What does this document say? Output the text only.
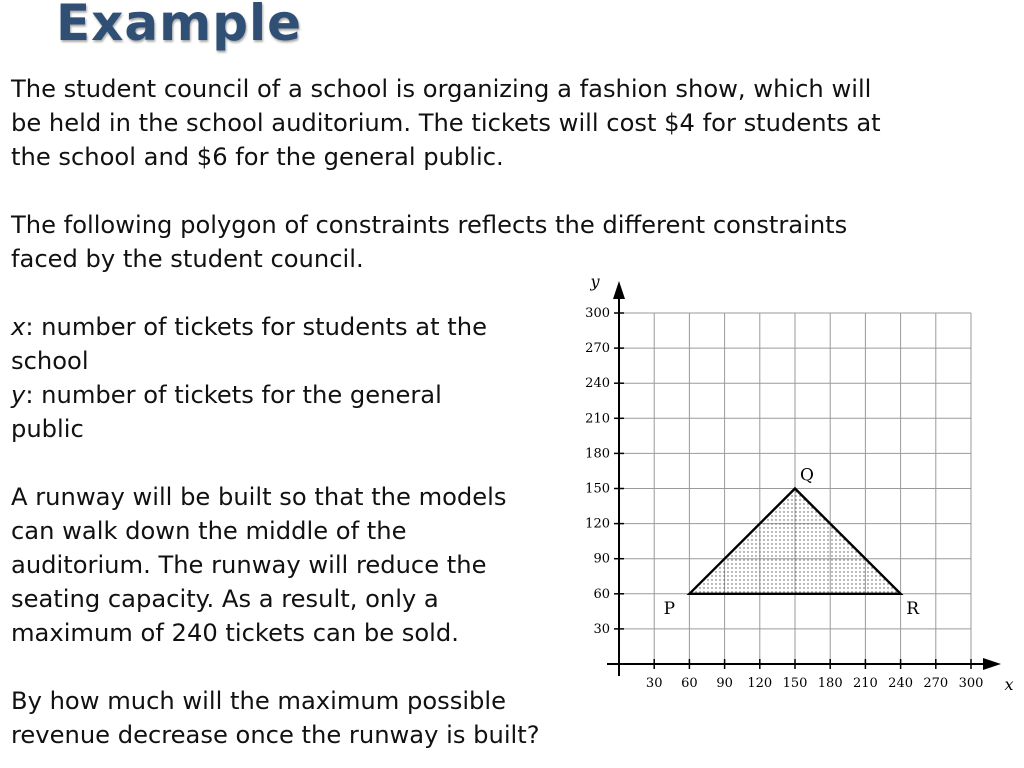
Example
The student council of a school is organizing a fashion show, which will
be held in the school auditorium. The tickets will cost $4 for students at
the school and $6 for the general public.
The following polygon of constraints reflects the different constraints
faced by the student council.
x: number of tickets for students at the
school
y: number of tickets for the general
public
A runway will be built so that the models
can walk down the middle of the
auditorium. The runway will reduce the
seating capacity. As a result, only a
maximum of 240 tickets can be sold.
By how much will the maximum possible
revenue decrease once the runway is built?
30 60 90 120 150 180 210 240 270 300
30
60
90
120
150
180
210
240
270
300
x
y
P
Q
R
